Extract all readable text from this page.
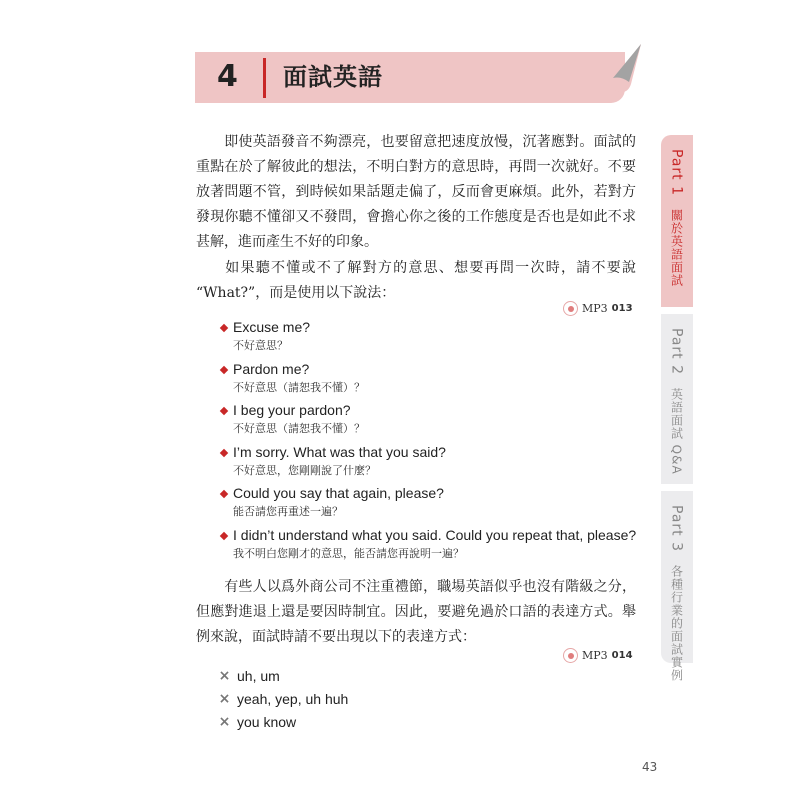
4 面試英語

即使英語發音不夠漂亮，也要留意把速度放慢，沉著應對。面試的重點在於了解彼此的想法，不明白對方的意思時，再問一次就好。不要放著問題不管，到時候如果話題走偏了，反而會更麻煩。此外，若對方發現你聽不懂卻又不發問，會擔心你之後的工作態度是否也是如此不求甚解，進而產生不好的印象。

如果聽不懂或不了解對方的意思、想要再問一次時，請不要說 “What?”，而是使用以下說法：

MP3 013
Excuse me?
不好意思？
Pardon me?
不好意思（請恕我不懂）？
I beg your pardon?
不好意思（請恕我不懂）？
I’m sorry. What was that you said?
不好意思，您剛剛說了什麼？
Could you say that again, please?
能否請您再重述一遍？
I didn’t understand what you said. Could you repeat that, please?
我不明白您剛才的意思，能否請您再說明一遍？

有些人以爲外商公司不注重禮節，職場英語似乎也沒有階級之分，但應對進退上還是要因時制宜。因此，要避免過於口語的表達方式。舉例來說，面試時請不要出現以下的表達方式：

MP3 014
× uh, um
× yeah, yep, uh huh
× you know
Part 1 關於英語面試
Part 2 英語面試 Q&A
Part 3 各種行業的面試實例
43
